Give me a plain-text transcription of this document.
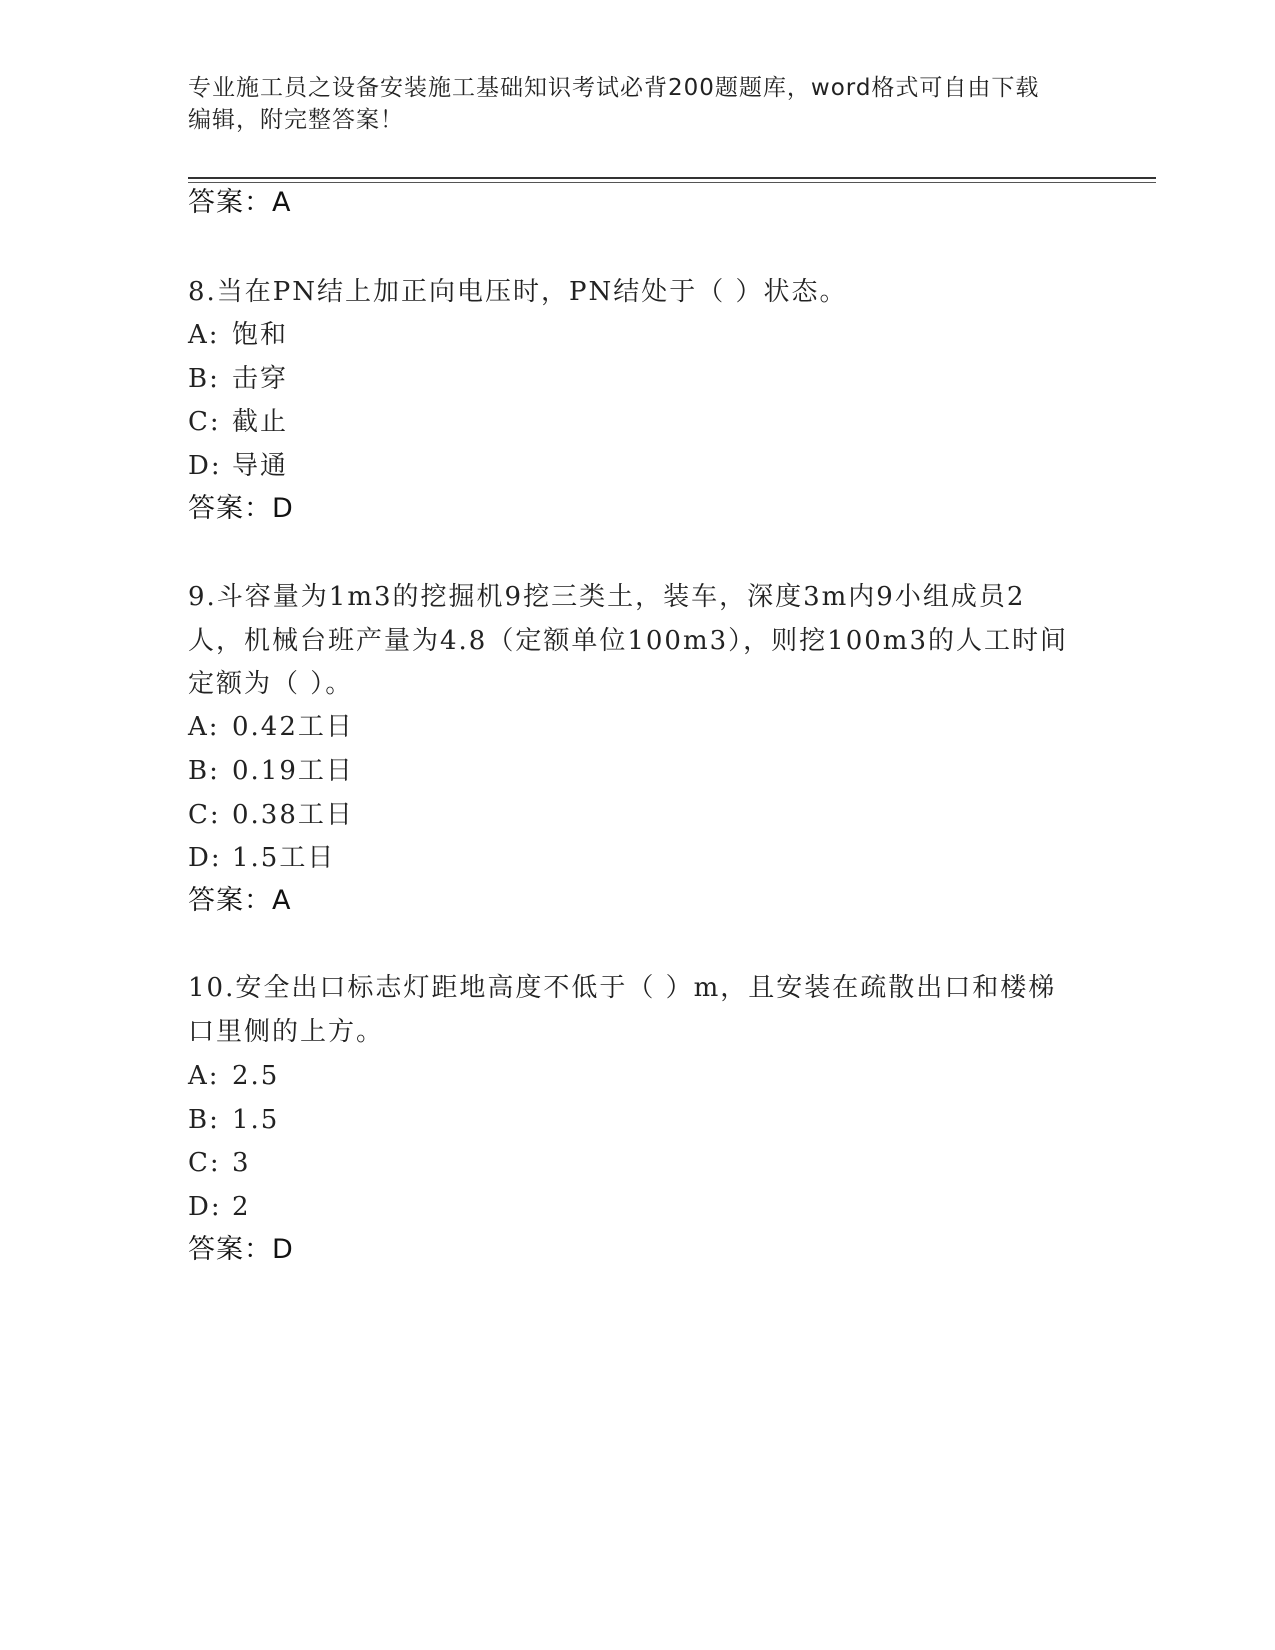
专业施工员之设备安装施工基础知识考试必背200题题库，word格式可自由下载
编辑，附完整答案！
答案：A
8.当在PN结上加正向电压时，PN结处于（ ）状态。
A: 饱和
B: 击穿
C: 截止
D: 导通
答案：D
9.斗容量为1m3的挖掘机9挖三类土，装车，深度3m内9小组成员2
人，机械台班产量为4.8（定额单位100m3），则挖100m3的人工时间
定额为（ ）。
A: 0.42工日
B: 0.19工日
C: 0.38工日
D: 1.5工日
答案：A
10.安全出口标志灯距地高度不低于（ ）m，且安装在疏散出口和楼梯
口里侧的上方。
A: 2.5
B: 1.5
C: 3
D: 2
答案：D
